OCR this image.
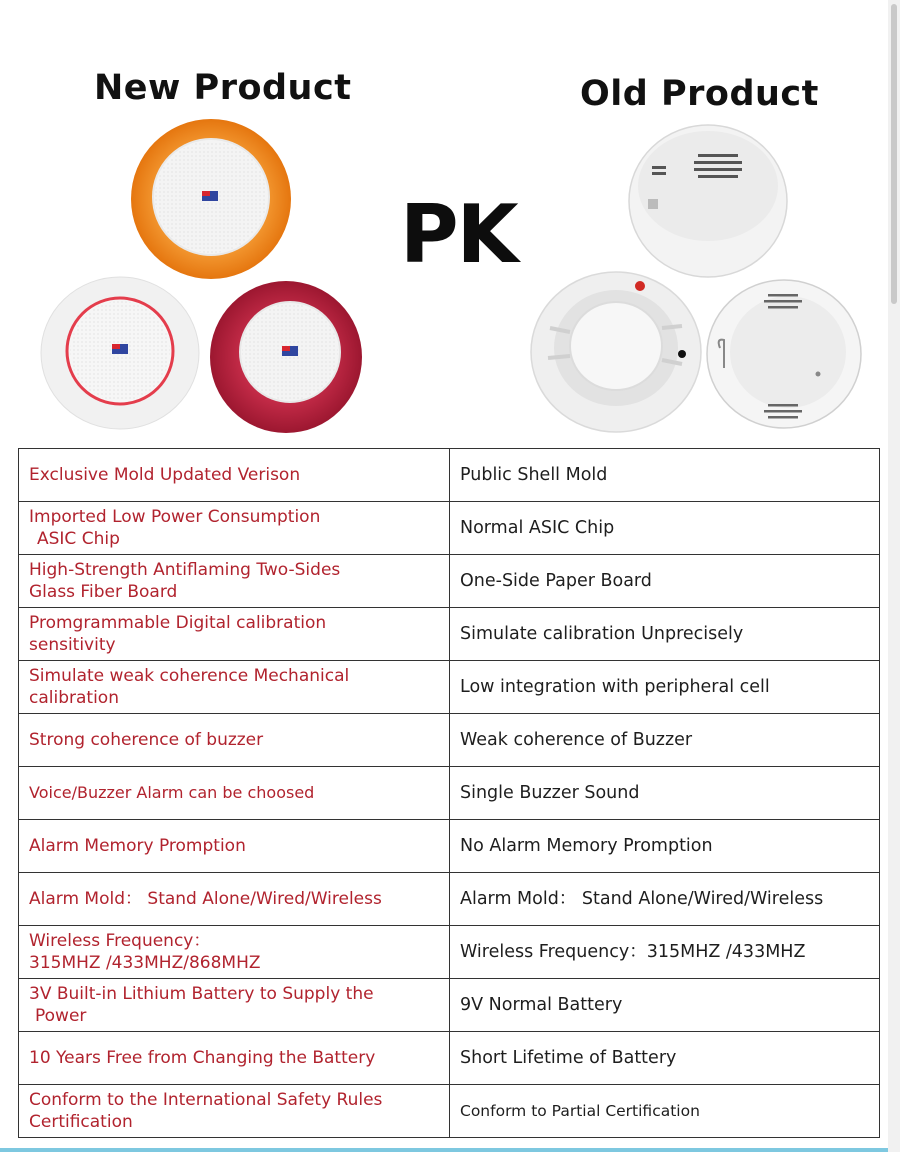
New Product	Old Product
PK
Exclusive Mold Updated Verison	Public Shell Mold

Imported Low Power Consumption
ASIC Chip	Normal ASIC Chip

High-Strength Antiflaming Two-Sides
Glass Fiber Board	One-Side Paper Board

Promgrammable Digital calibration
sensitivity	Simulate calibration Unprecisely

Simulate weak coherence Mechanical
calibration	Low integration with peripheral cell

Strong coherence of buzzer	Weak coherence of Buzzer

Voice/Buzzer Alarm can be choosed	Single Buzzer Sound

Alarm Memory Promption	No Alarm Memory Promption

Alarm Mold： Stand Alone/Wired/Wireless	Alarm Mold： Stand Alone/Wired/Wireless

Wireless Frequency：
315MHZ /433MHZ/868MHZ	Wireless Frequency：315MHZ /433MHZ

3V Built-in Lithium Battery to Supply the
Power	9V Normal Battery

10 Years Free from Changing the Battery	Short Lifetime of Battery

Conform to the International Safety Rules
Certification	Conform to Partial Certification
